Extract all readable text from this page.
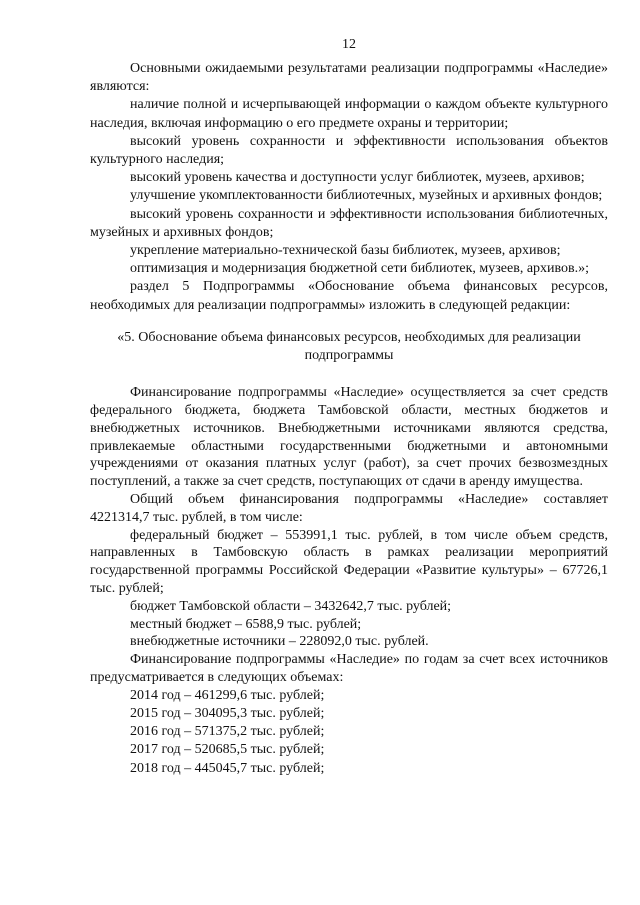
12

Основными ожидаемыми результатами реализации подпрограммы «Наследие» являются:

наличие полной и исчерпывающей информации о каждом объекте культурного наследия, включая информацию о его предмете охраны и территории;

высокий уровень сохранности и эффективности использования объектов культурного наследия;

высокий уровень качества и доступности услуг библиотек, музеев, архивов;

улучшение укомплектованности библиотечных, музейных и архивных фондов;

высокий уровень сохранности и эффективности использования библиотечных, музейных и архивных фондов;

укрепление материально-технической базы библиотек, музеев, архивов;

оптимизация и модернизация бюджетной сети библиотек, музеев, архивов.»;

раздел 5 Подпрограммы «Обоснование объема финансовых ресурсов, необходимых для реализации подпрограммы» изложить в следующей редакции:

«5. Обоснование объема финансовых ресурсов, необходимых для реализации подпрограммы

Финансирование подпрограммы «Наследие» осуществляется за счет средств федерального бюджета, бюджета Тамбовской области, местных бюджетов и внебюджетных источников. Внебюджетными источниками являются средства, привлекаемые областными государственными бюджетными и автономными учреждениями от оказания платных услуг (работ), за счет прочих безвозмездных поступлений, а также за счет средств, поступающих от сдачи в аренду имущества.

Общий объем финансирования подпрограммы «Наследие» составляет 4221314,7 тыс. рублей, в том числе:

федеральный бюджет – 553991,1 тыс. рублей, в том числе объем средств, направленных в Тамбовскую область в рамках реализации мероприятий государственной программы Российской Федерации «Развитие культуры» – 67726,1 тыс. рублей;

бюджет Тамбовской области – 3432642,7 тыс. рублей;

местный бюджет – 6588,9 тыс. рублей;

внебюджетные источники – 228092,0 тыс. рублей.

Финансирование подпрограммы «Наследие» по годам за счет всех источников предусматривается в следующих объемах:

2014 год – 461299,6 тыс. рублей;
2015 год – 304095,3 тыс. рублей;
2016 год – 571375,2 тыс. рублей;
2017 год – 520685,5 тыс. рублей;
2018 год – 445045,7 тыс. рублей;
